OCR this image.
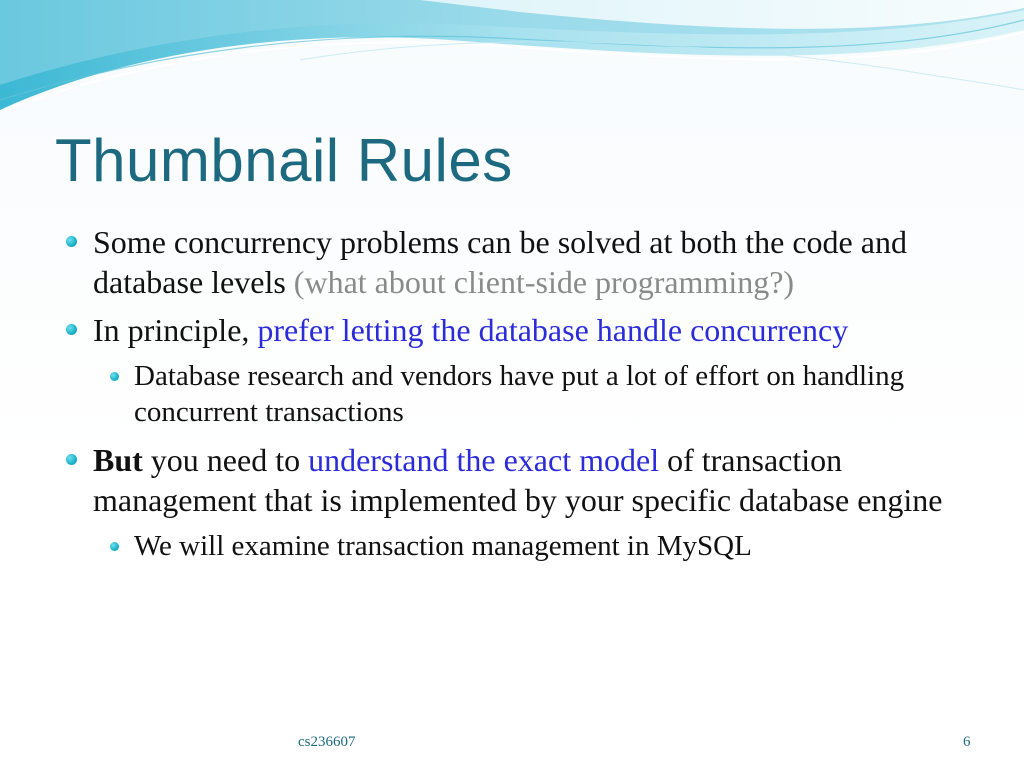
Thumbnail Rules
Some concurrency problems can be solved at both the code and database levels (what about client-side programming?)
In principle, prefer letting the database handle concurrency
Database research and vendors have put a lot of effort on handling concurrent transactions
But you need to understand the exact model of transaction management that is implemented by your specific database engine
We will examine transaction management in MySQL
cs236607	6
